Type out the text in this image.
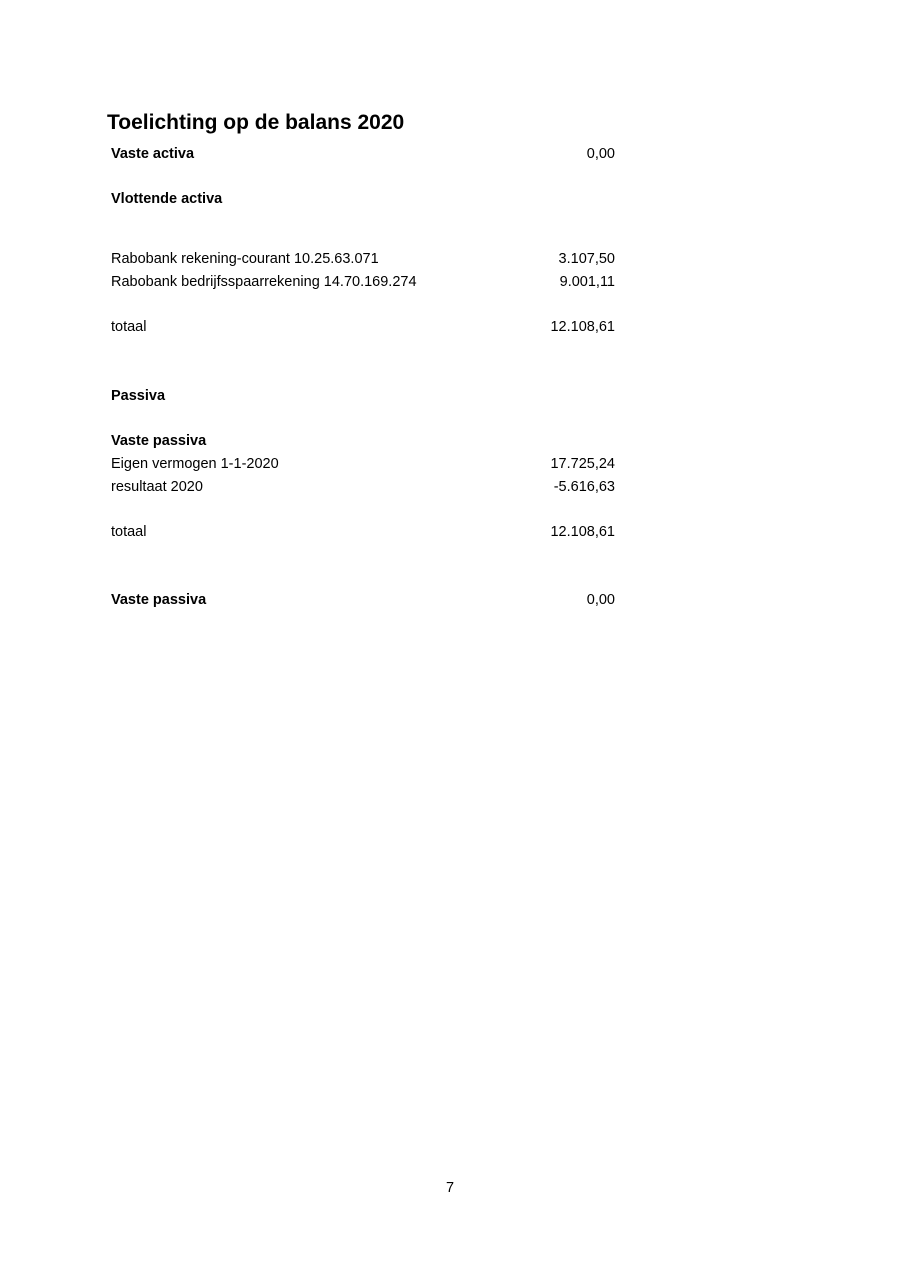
Toelichting op de balans 2020
Vaste activa	0,00
Vlottende activa
Rabobank rekening-courant 10.25.63.071	3.107,50
Rabobank bedrijfsspaarrekening 14.70.169.274	9.001,11
totaal	12.108,61
Passiva
Vaste passiva
Eigen vermogen 1-1-2020	17.725,24
resultaat 2020	-5.616,63
totaal	12.108,61
Vaste passiva	0,00
7
